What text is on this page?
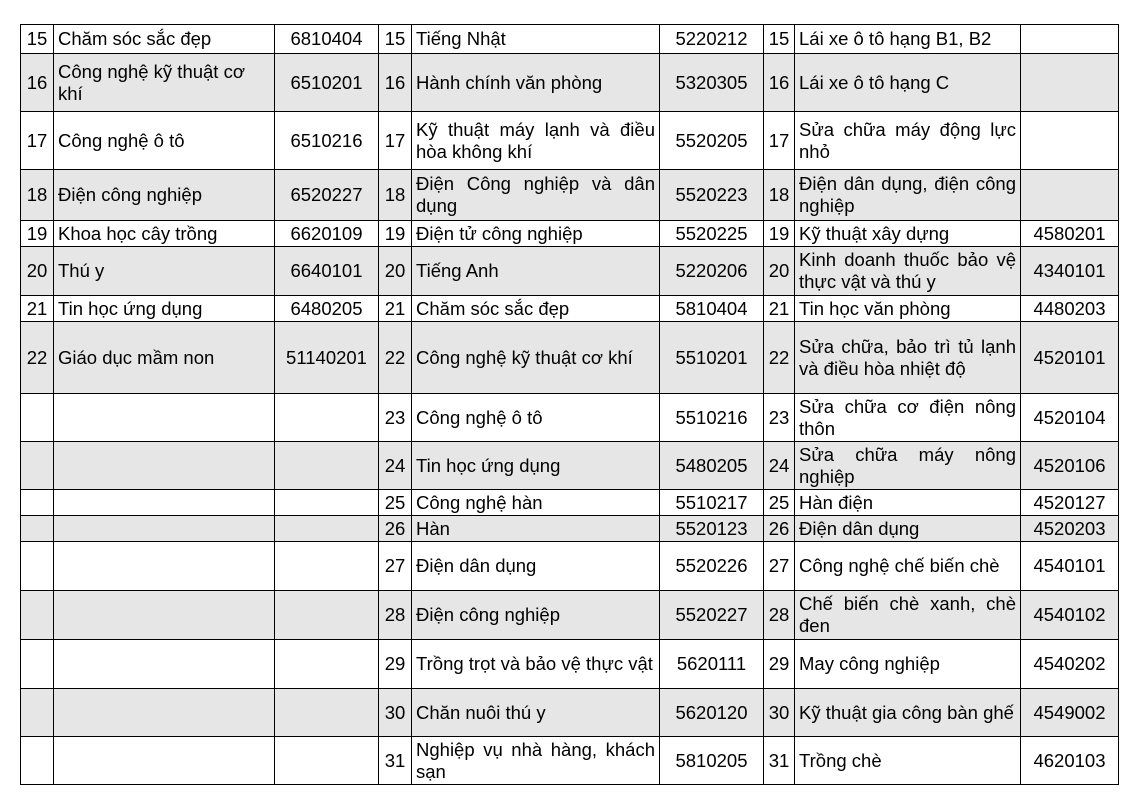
15	Chăm sóc sắc đẹp	6810404	15	Tiếng Nhật	5220212	15	Lái xe ô tô hạng B1, B2	
16	Công nghệ kỹ thuật cơ khí	6510201	16	Hành chính văn phòng	5320305	16	Lái xe ô tô hạng C	
17	Công nghệ ô tô	6510216	17	Kỹ thuật máy lạnh và điều hòa không khí	5520205	17	Sửa chữa máy động lực nhỏ	
18	Điện công nghiệp	6520227	18	Điện Công nghiệp và dân dụng	5520223	18	Điện dân dụng, điện công nghiệp	
19	Khoa học cây trồng	6620109	19	Điện tử công nghiệp	5520225	19	Kỹ thuật xây dựng	4580201
20	Thú y	6640101	20	Tiếng Anh	5220206	20	Kinh doanh thuốc bảo vệ thực vật và thú y	4340101
21	Tin học ứng dụng	6480205	21	Chăm sóc sắc đẹp	5810404	21	Tin học văn phòng	4480203
22	Giáo dục mầm non	51140201	22	Công nghệ kỹ thuật cơ khí	5510201	22	Sửa chữa, bảo trì tủ lạnh và điều hòa nhiệt độ	4520101
			23	Công nghệ ô tô	5510216	23	Sửa chữa cơ điện nông thôn	4520104
			24	Tin học ứng dụng	5480205	24	Sửa chữa máy nông nghiệp	4520106
			25	Công nghệ hàn	5510217	25	Hàn điện	4520127
			26	Hàn	5520123	26	Điện dân dụng	4520203
			27	Điện dân dụng	5520226	27	Công nghệ chế biến chè	4540101
			28	Điện công nghiệp	5520227	28	Chế biến chè xanh, chè đen	4540102
			29	Trồng trọt và bảo vệ thực vật	5620111	29	May công nghiệp	4540202
			30	Chăn nuôi thú y	5620120	30	Kỹ thuật gia công bàn ghế	4549002
			31	Nghiệp vụ nhà hàng, khách sạn	5810205	31	Trồng chè	4620103
